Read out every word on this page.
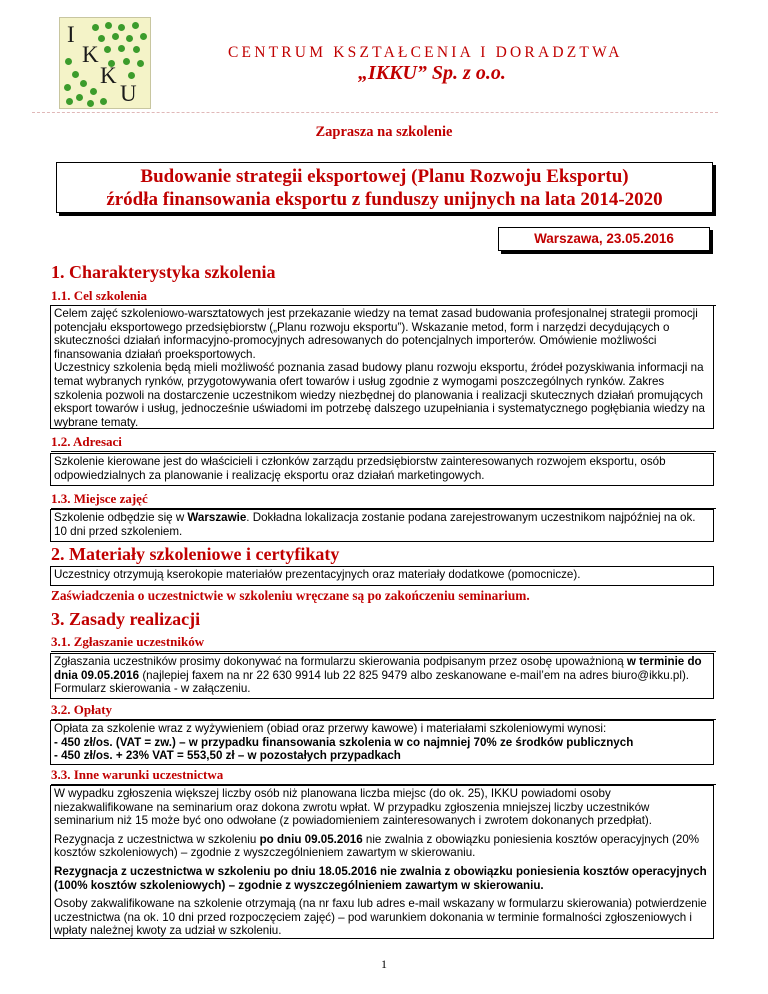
I
K
K
U
CENTRUM KSZTAŁCENIA I DORADZTWA
„IKKU” Sp. z o.o.
Zaprasza na szkolenie
Budowanie strategii eksportowej (Planu Rozwoju Eksportu)
źródła finansowania eksportu z funduszy unijnych na lata 2014-2020
Warszawa, 23.05.2016
1. Charakterystyka szkolenia
1.1. Cel szkolenia

Celem zajęć szkoleniowo-warsztatowych jest przekazanie wiedzy na temat zasad budowania profesjonalnej strategii promocji potencjału eksportowego przedsiębiorstw („Planu rozwoju eksportu”). Wskazanie metod, form i narzędzi decydujących o skuteczności działań informacyjno-promocyjnych adresowanych do potencjalnych importerów. Omówienie możliwości finansowania działań proeksportowych.

Uczestnicy szkolenia będą mieli możliwość poznania zasad budowy planu rozwoju eksportu, źródeł pozyskiwania informacji na temat wybranych rynków, przygotowywania ofert towarów i usług zgodnie z wymogami poszczególnych rynków. Zakres szkolenia pozwoli na dostarczenie uczestnikom wiedzy niezbędnej do planowania i realizacji skutecznych działań promujących eksport towarów i usług, jednocześnie uświadomi im potrzebę dalszego uzupełniania i systematycznego pogłębiania wiedzy na wybrane tematy.

1.2. Adresaci

Szkolenie kierowane jest do właścicieli i członków zarządu przedsiębiorstw zainteresowanych rozwojem eksportu, osób odpowiedzialnych za planowanie i realizację eksportu oraz działań marketingowych.

1.3. Miejsce zajęć

Szkolenie odbędzie się w Warszawie. Dokładna lokalizacja zostanie podana zarejestrowanym uczestnikom najpóźniej na ok. 10 dni przed szkoleniem.

2. Materiały szkoleniowe i certyfikaty

Uczestnicy otrzymują kserokopie materiałów prezentacyjnych oraz materiały dodatkowe (pomocnicze).

Zaświadczenia o uczestnictwie w szkoleniu wręczane są po zakończeniu seminarium.
3. Zasady realizacji
3.1. Zgłaszanie uczestników

Zgłaszania uczestników prosimy dokonywać na formularzu skierowania podpisanym przez osobę upoważnioną w terminie do dnia 09.05.2016 (najlepiej faxem na nr 22 630 9914 lub 22 825 9479 albo zeskanowane e-mail’em na adres biuro@ikku.pl). Formularz skierowania - w załączeniu.

3.2. Opłaty

Opłata za szkolenie wraz z wyżywieniem (obiad oraz przerwy kawowe) i materiałami szkoleniowymi wynosi:

- 450 zł/os. (VAT = zw.) – w przypadku finansowania szkolenia w co najmniej 70% ze środków publicznych

- 450 zł/os. + 23% VAT = 553,50 zł – w pozostałych przypadkach

3.3. Inne warunki uczestnictwa

W wypadku zgłoszenia większej liczby osób niż planowana liczba miejsc (do ok. 25), IKKU powiadomi osoby niezakwalifikowane na seminarium oraz dokona zwrotu wpłat. W przypadku zgłoszenia mniejszej liczby uczestników seminarium niż 15 może być ono odwołane (z powiadomieniem zainteresowanych i zwrotem dokonanych przedpłat).

Rezygnacja z uczestnictwa w szkoleniu po dniu 09.05.2016 nie zwalnia z obowiązku poniesienia kosztów operacyjnych (20% kosztów szkoleniowych) – zgodnie z wyszczególnieniem zawartym w skierowaniu.

Rezygnacja z uczestnictwa w szkoleniu po dniu 18.05.2016 nie zwalnia z obowiązku poniesienia kosztów operacyjnych (100% kosztów szkoleniowych) – zgodnie z wyszczególnieniem zawartym w skierowaniu.

Osoby zakwalifikowane na szkolenie otrzymają (na nr faxu lub adres e-mail wskazany w formularzu skierowania) potwierdzenie uczestnictwa (na ok. 10 dni przed rozpoczęciem zajęć) – pod warunkiem dokonania w terminie formalności zgłoszeniowych i wpłaty należnej kwoty za udział w szkoleniu.

1
